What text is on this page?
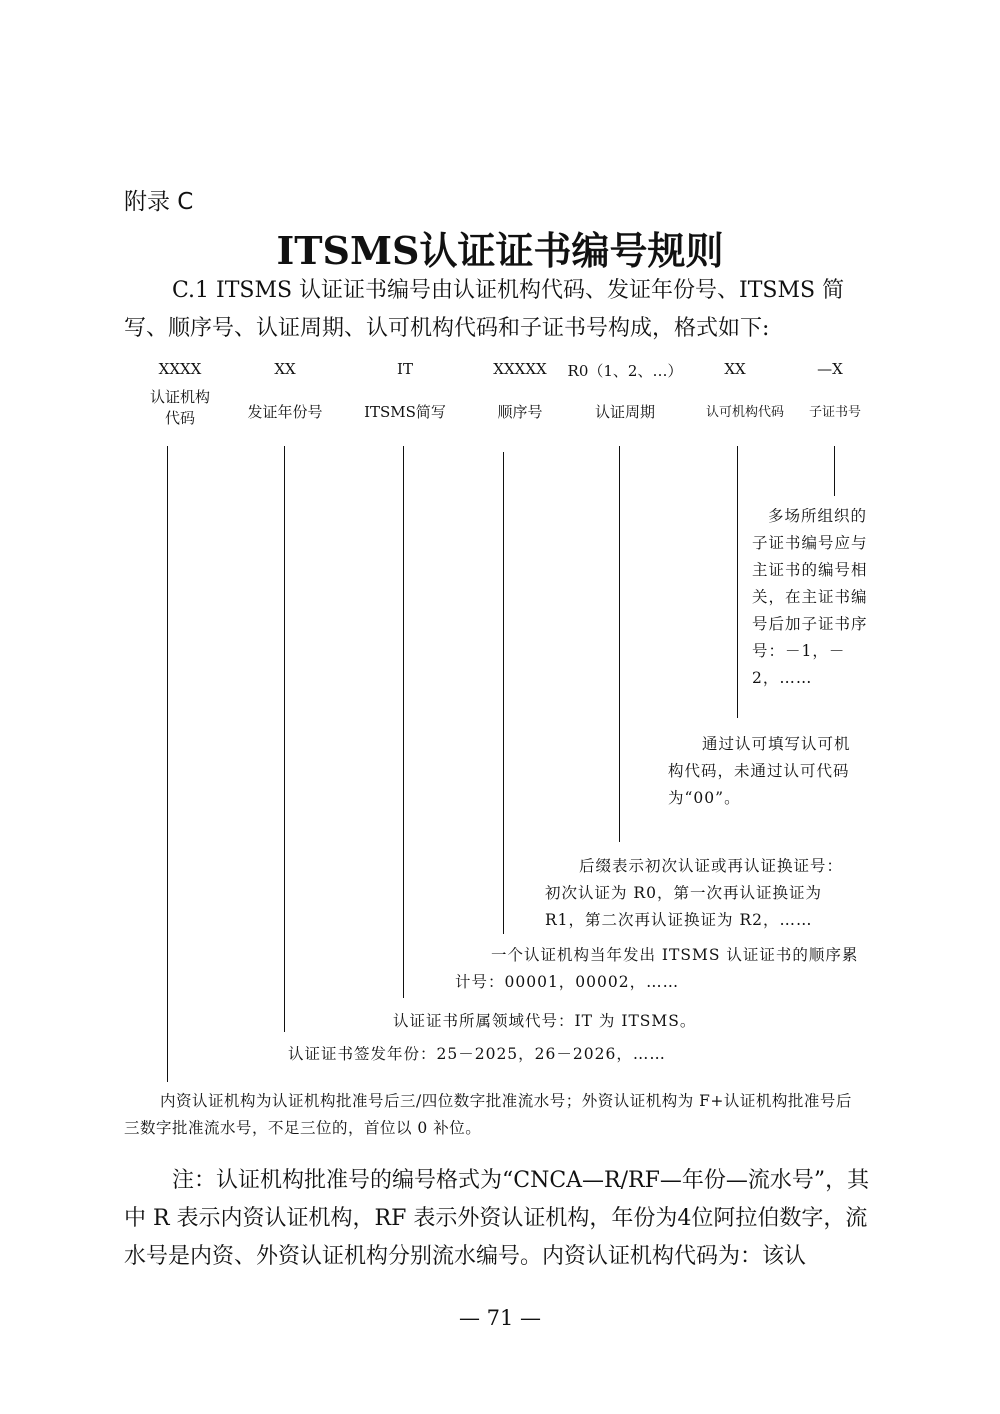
附录 C
ITSMS认证证书编号规则
C.1 ITSMS 认证证书编号由认证机构代码、发证年份号、ITSMS 简写、顺序号、认证周期、认可机构代码和子证书号构成，格式如下:
XXXX	XX	IT	XXXXX	R0（1、2、…）	XX	—X
认证机构
代码	发证年份号	ITSMS简写	顺序号	认证周期	认可机构代码	子证书号
多场所组织的子证书编号应与主证书的编号相关，在主证书编号后加子证书序号：－1，－2，……
通过认可填写认可机构代码，未通过认可代码为“00”。
后缀表示初次认证或再认证换证号：初次认证为 R0，第一次再认证换证为 R1，第二次再认证换证为 R2，……
一个认证机构当年发出 ITSMS 认证证书的顺序累计号：00001，00002，……
认证证书所属领域代号：IT 为 ITSMS。
认证证书签发年份：25－2025，26－2026，……
内资认证机构为认证机构批准号后三/四位数字批准流水号；外资认证机构为 F+认证机构批准号后三数字批准流水号，不足三位的，首位以 0 补位。
注：认证机构批准号的编号格式为“CNCA—R/RF—年份—流水号”，其中 R 表示内资认证机构，RF 表示外资认证机构，年份为4位阿拉伯数字，流水号是内资、外资认证机构分别流水编号。内资认证机构代码为：该认
— 71 —
